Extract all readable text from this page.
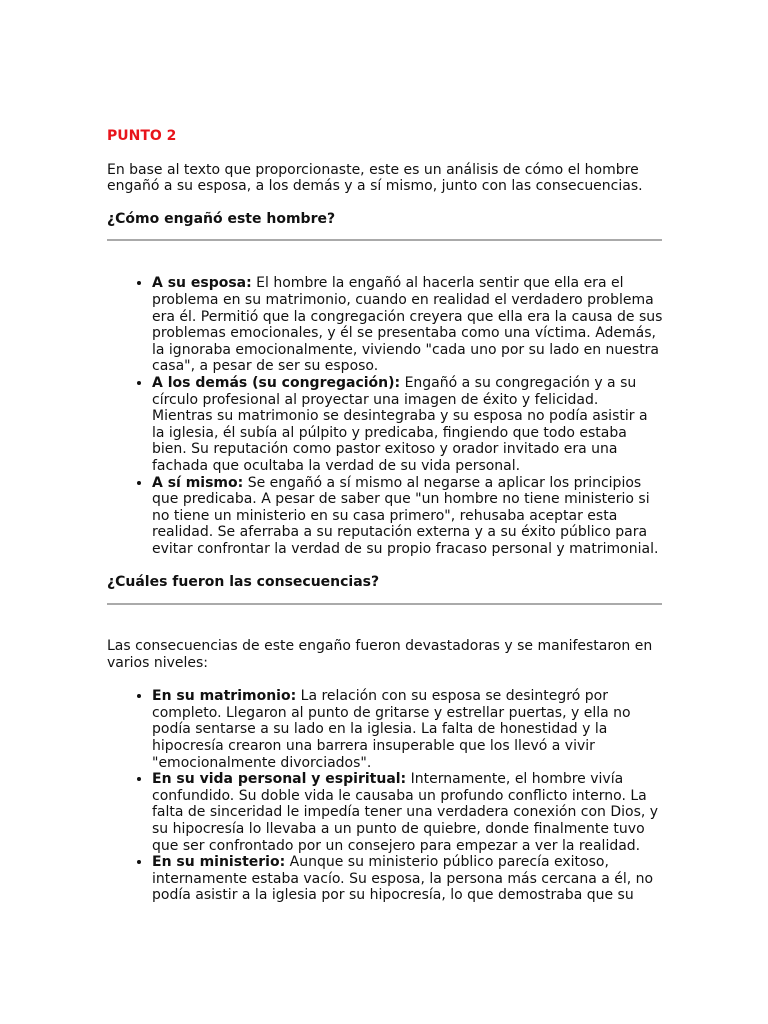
PUNTO 2

En base al texto que proporcionaste, este es un análisis de cómo el hombre engañó a su esposa, a los demás y a sí mismo, junto con las consecuencias.

¿Cómo engañó este hombre?

• A su esposa: El hombre la engañó al hacerla sentir que ella era el problema en su matrimonio, cuando en realidad el verdadero problema era él. Permitió que la congregación creyera que ella era la causa de sus problemas emocionales, y él se presentaba como una víctima. Además, la ignoraba emocionalmente, viviendo "cada uno por su lado en nuestra casa", a pesar de ser su esposo.
• A los demás (su congregación): Engañó a su congregación y a su círculo profesional al proyectar una imagen de éxito y felicidad. Mientras su matrimonio se desintegraba y su esposa no podía asistir a la iglesia, él subía al púlpito y predicaba, fingiendo que todo estaba bien. Su reputación como pastor exitoso y orador invitado era una fachada que ocultaba la verdad de su vida personal.
• A sí mismo: Se engañó a sí mismo al negarse a aplicar los principios que predicaba. A pesar de saber que "un hombre no tiene ministerio si no tiene un ministerio en su casa primero", rehusaba aceptar esta realidad. Se aferraba a su reputación externa y a su éxito público para evitar confrontar la verdad de su propio fracaso personal y matrimonial.

¿Cuáles fueron las consecuencias?

Las consecuencias de este engaño fueron devastadoras y se manifestaron en varios niveles:

• En su matrimonio: La relación con su esposa se desintegró por completo. Llegaron al punto de gritarse y estrellar puertas, y ella no podía sentarse a su lado en la iglesia. La falta de honestidad y la hipocresía crearon una barrera insuperable que los llevó a vivir "emocionalmente divorciados".
• En su vida personal y espiritual: Internamente, el hombre vivía confundido. Su doble vida le causaba un profundo conflicto interno. La falta de sinceridad le impedía tener una verdadera conexión con Dios, y su hipocresía lo llevaba a un punto de quiebre, donde finalmente tuvo que ser confrontado por un consejero para empezar a ver la realidad.
• En su ministerio: Aunque su ministerio público parecía exitoso, internamente estaba vacío. Su esposa, la persona más cercana a él, no podía asistir a la iglesia por su hipocresía, lo que demostraba que su
